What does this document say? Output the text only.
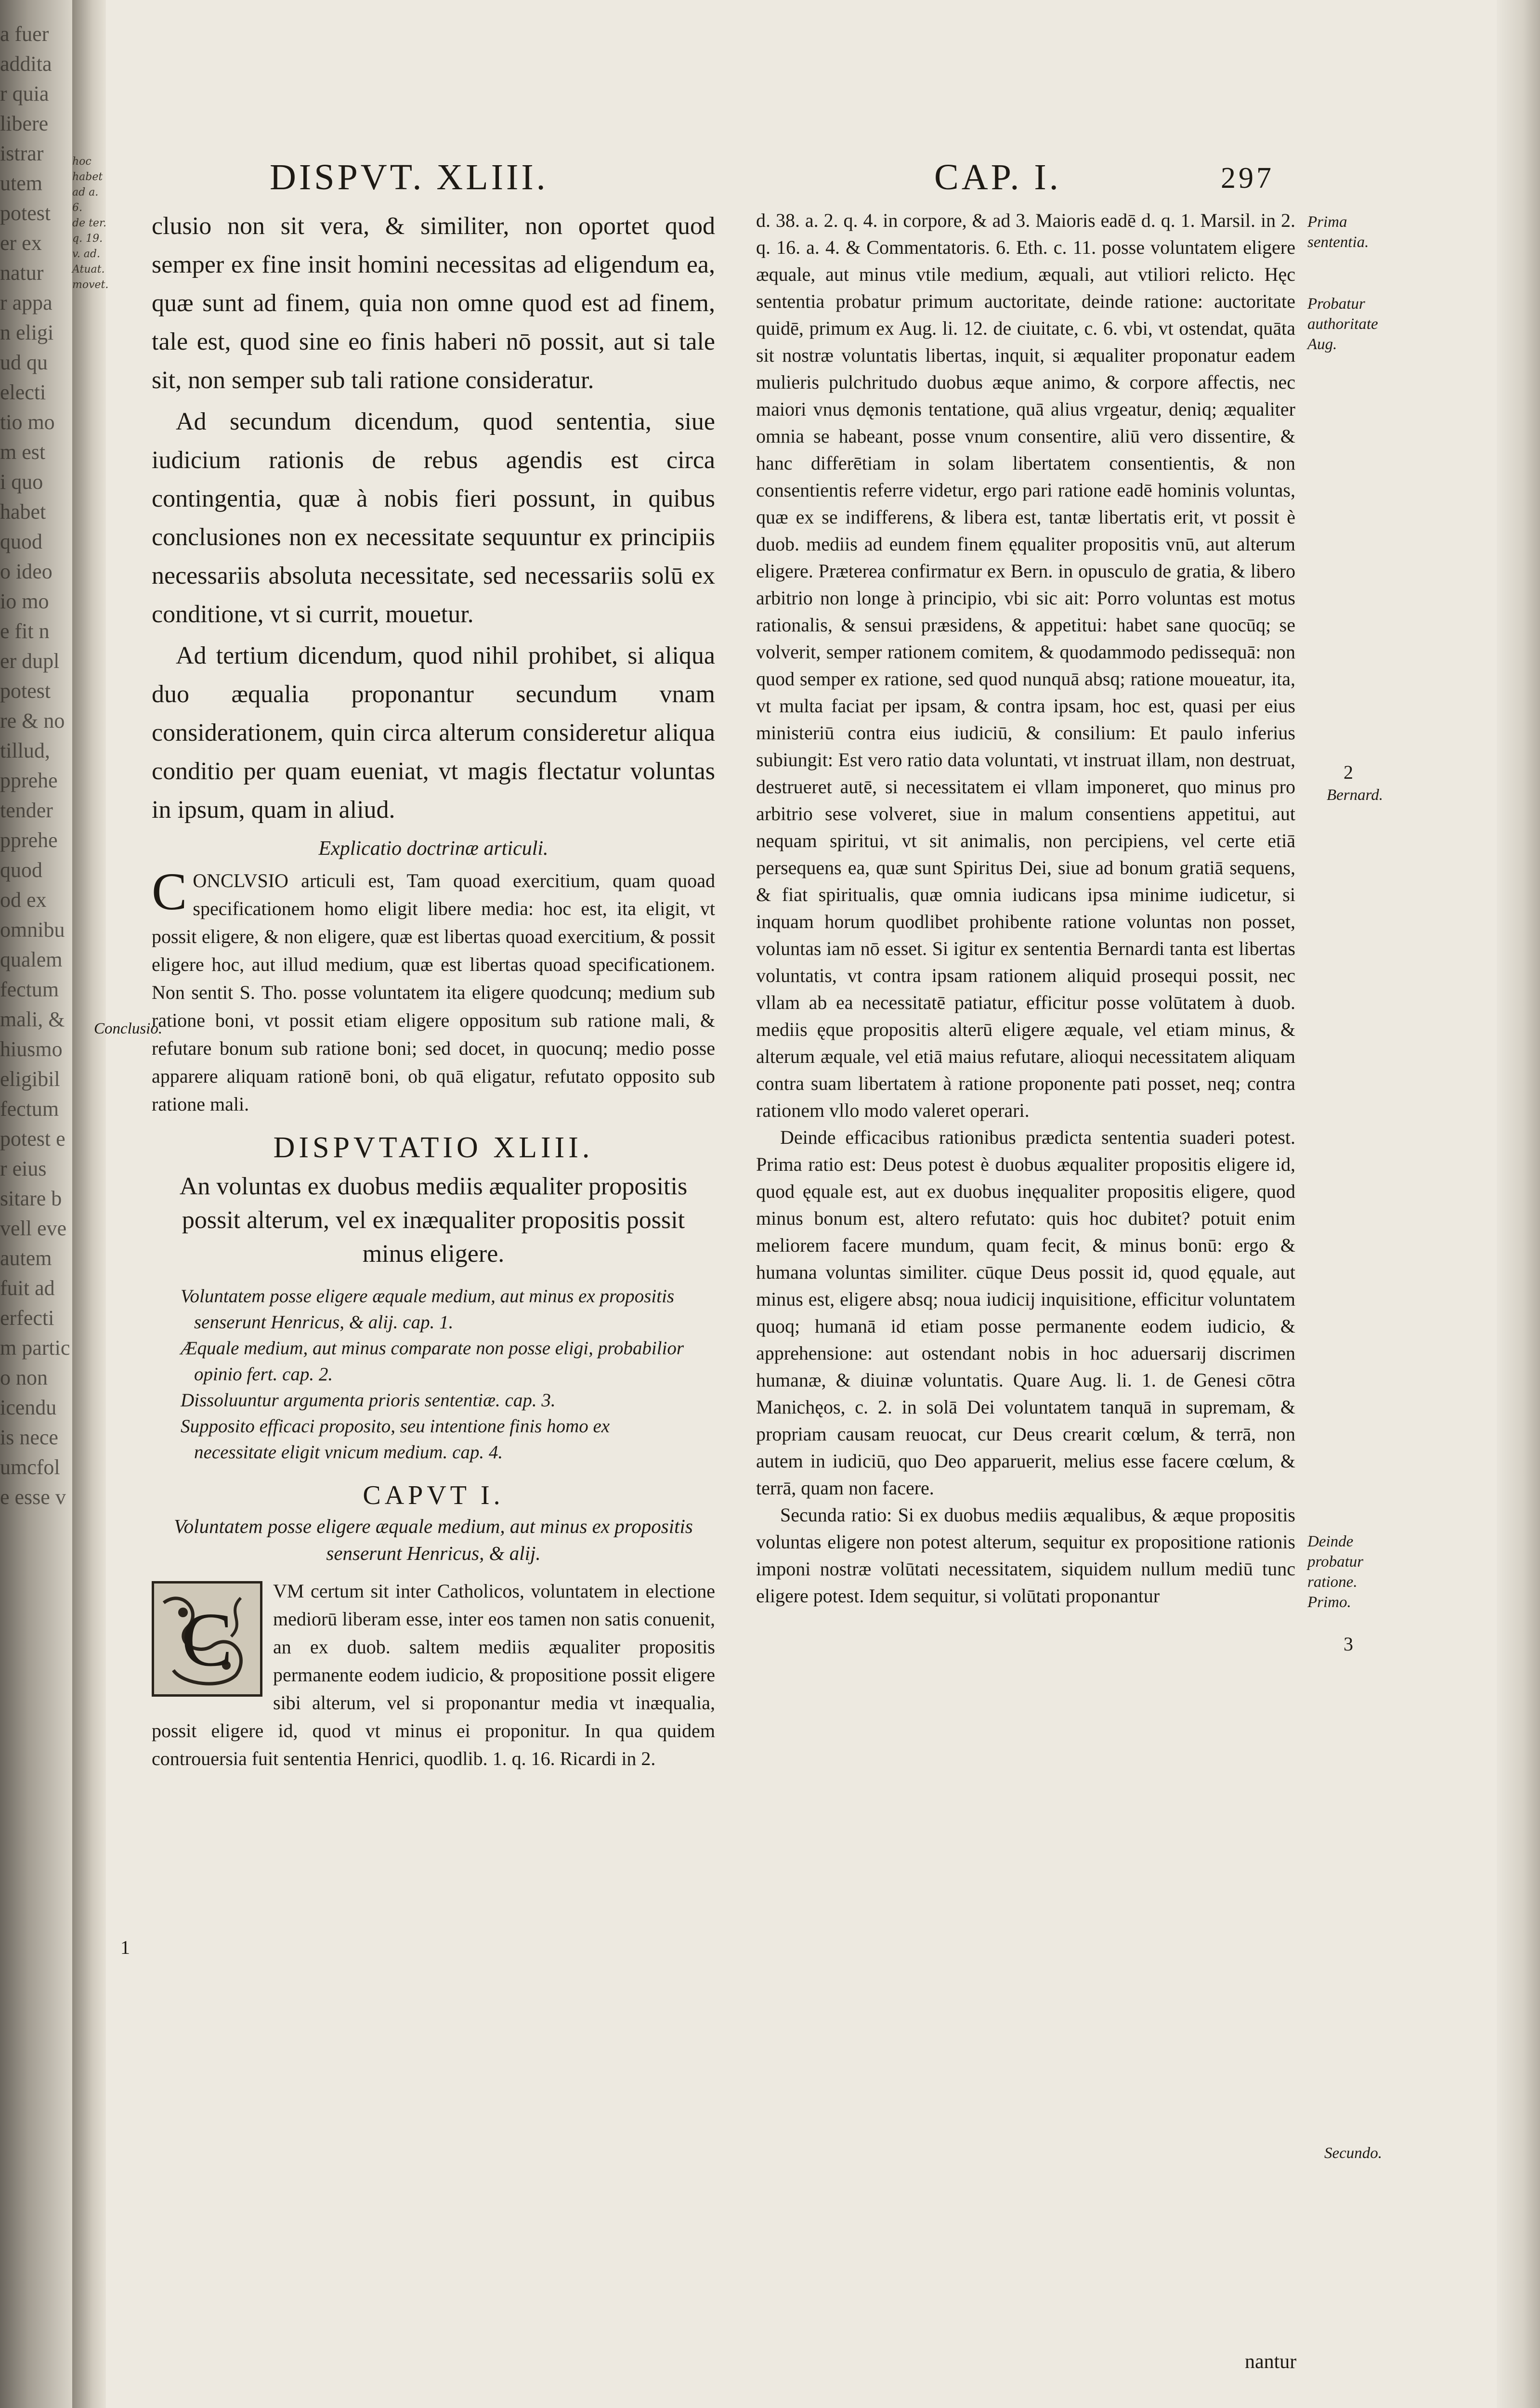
a fuer
addita
r quia
libere
istrar
utem
potest
er ex
natur
r appa
n eligi
ud qu
electi
tio mo
m est
i quo
habet
quod
o ideo
io mo
e fit n
er dupl
potest
re & no
tillud,
pprehe
tender
pprehe
quod
od ex
omnibu
qualem
fectum
mali, &
hiusmo
eligibil
fectum
potest e
r eius
sitare b
vell eve
autem
fuit ad
erfecti
m partic
o non
icendu
is nece
umcfol
e esse v
hoc habet
ad a. 6.
de ter.
q. 19.
v. ad.
Atuat.
movet.
DISPVT. XLIII.	CAP. I.	297

clusio non sit vera, & similiter, non oportet quod semper ex fine insit homini necessitas ad eligendum ea, quæ sunt ad finem, quia non omne quod est ad finem, tale est, quod sine eo finis haberi nō possit, aut si tale sit, non semper sub tali ratione consideratur.

Ad secundum dicendum, quod sententia, siue iudicium rationis de rebus agendis est circa contingentia, quæ à nobis fieri possunt, in quibus conclusiones non ex necessitate sequuntur ex principiis necessariis absoluta necessitate, sed necessariis solū ex conditione, vt si currit, mouetur.

Ad tertium dicendum, quod nihil prohibet, si aliqua duo æqualia proponantur secundum vnam considerationem, quin circa alterum consideretur aliqua conditio per quam eueniat, vt magis flectatur voluntas in ipsum, quam in aliud.

Explicatio doctrinæ articuli.
C ONCLVSIO articuli est, Tam quoad exercitium, quam quoad specificationem homo eligit libere media: hoc est, ita eligit, vt possit eligere, & non eligere, quæ est libertas quoad exercitium, & possit eligere hoc, aut illud medium, quæ est libertas quoad specificationem. Non sentit S. Tho. posse voluntatem ita eligere quodcunq; medium sub ratione boni, vt possit etiam eligere oppositum sub ratione mali, & refutare bonum sub ratione boni; sed docet, in quocunq; medio posse apparere aliquam rationē boni, ob quā eligatur, refutato opposito sub ratione mali.

DISPVTATIO XLIII.
An voluntas ex duobus mediis æqualiter propositis possit alterum, vel ex inæqualiter propositis possit minus eligere.
Voluntatem posse eligere æquale medium, aut minus ex propositis senserunt Henricus, & alij. cap. 1.
Æquale medium, aut minus comparate non posse eligi, probabilior opinio fert. cap. 2.
Dissoluuntur argumenta prioris sententiæ. cap. 3.
Supposito efficaci proposito, seu intentione finis homo ex necessitate eligit vnicum medium. cap. 4.
CAPVT I.
Voluntatem posse eligere æquale medium, aut minus ex propositis senserunt Henricus, & alij.
C

VM certum sit inter Catholicos, voluntatem in electione mediorū liberam esse, inter eos tamen non satis conuenit, an ex duob. saltem mediis æqualiter propositis permanente eodem iudicio, & propositione possit eligere sibi alterum, vel si proponantur media vt inæqualia, possit eligere id, quod vt minus ei proponitur. In qua quidem controuersia fuit sententia Henrici, quodlib. 1. q. 16. Ricardi in 2.

d. 38. a. 2. q. 4. in corpore, & ad 3. Maioris eadē d. q. 1. Marsil. in 2. q. 16. a. 4. & Commentatoris. 6. Eth. c. 11. posse voluntatem eligere æquale, aut minus vtile medium, æquali, aut vtiliori relicto. Hęc sententia probatur primum auctoritate, deinde ratione: auctoritate quidē, primum ex Aug. li. 12. de ciuitate, c. 6. vbi, vt ostendat, quāta sit nostræ voluntatis libertas, inquit, si æqualiter proponatur eadem mulieris pulchritudo duobus æque animo, & corpore affectis, nec maiori vnus dęmonis tentatione, quā alius vrgeatur, deniq; æqualiter omnia se habeant, posse vnum consentire, aliū vero dissentire, & hanc differētiam in solam libertatem consentientis, & non consentientis referre videtur, ergo pari ratione eadē hominis voluntas, quæ ex se indifferens, & libera est, tantæ libertatis erit, vt possit è duob. mediis ad eundem finem ęqualiter propositis vnū, aut alterum eligere. Præterea confirmatur ex Bern. in opusculo de gratia, & libero arbitrio non longe à principio, vbi sic ait: Porro voluntas est motus rationalis, & sensui præsidens, & appetitui: habet sane quocūq; se volverit, semper rationem comitem, & quodammodo pedissequā: non quod semper ex ratione, sed quod nunquā absq; ratione moueatur, ita, vt multa faciat per ipsam, & contra ipsam, hoc est, quasi per eius ministeriū contra eius iudiciū, & consilium: Et paulo inferius subiungit: Est vero ratio data voluntati, vt instruat illam, non destruat, destrueret autē, si necessitatem ei vllam imponeret, quo minus pro arbitrio sese volveret, siue in malum consentiens appetitui, aut nequam spiritui, vt sit animalis, non percipiens, vel certe etiā persequens ea, quæ sunt Spiritus Dei, siue ad bonum gratiā sequens, & fiat spiritualis, quæ omnia iudicans ipsa minime iudicetur, si inquam horum quodlibet prohibente ratione voluntas non posset, voluntas iam nō esset. Si igitur ex sententia Bernardi tanta est libertas voluntatis, vt contra ipsam rationem aliquid prosequi possit, nec vllam ab ea necessitatē patiatur, efficitur posse volūtatem à duob. mediis ęque propositis alterū eligere æquale, vel etiam minus, & alterum æquale, vel etiā maius refutare, alioqui necessitatem aliquam contra suam libertatem à ratione proponente pati posset, neq; contra rationem vllo modo valeret operari.

Deinde efficacibus rationibus prædicta sententia suaderi potest. Prima ratio est: Deus potest è duobus æqualiter propositis eligere id, quod ęquale est, aut ex duobus inęqualiter propositis eligere, quod minus bonum est, altero refutato: quis hoc dubitet? potuit enim meliorem facere mundum, quam fecit, & minus bonū: ergo & humana voluntas similiter. cūque Deus possit id, quod ęquale, aut minus est, eligere absq; noua iudicij inquisitione, efficitur voluntatem quoq; humanā id etiam posse permanente eodem iudicio, & apprehensione: aut ostendant nobis in hoc aduersarij discrimen humanæ, & diuinæ voluntatis. Quare Aug. li. 1. de Genesi cōtra Manichęos, c. 2. in solā Dei voluntatem tanquā in supremam, & propriam causam reuocat, cur Deus crearit cœlum, & terrā, non autem in iudiciū, quo Deo apparuerit, melius esse facere cœlum, & terrā, quam non facere.

Secunda ratio: Si ex duobus mediis æqualibus, & æque propositis voluntas eligere non potest alterum, sequitur ex propositione rationis imponi nostræ volūtati necessitatem, siquidem nullum mediū tunc eligere potest. Idem sequitur, si volūtati proponantur

Conclusio.
1
Prima sententia.
Probatur authoritate Aug.
2
Bernard.
Deinde probatur ratione. Primo.
3
Secundo.
nantur
